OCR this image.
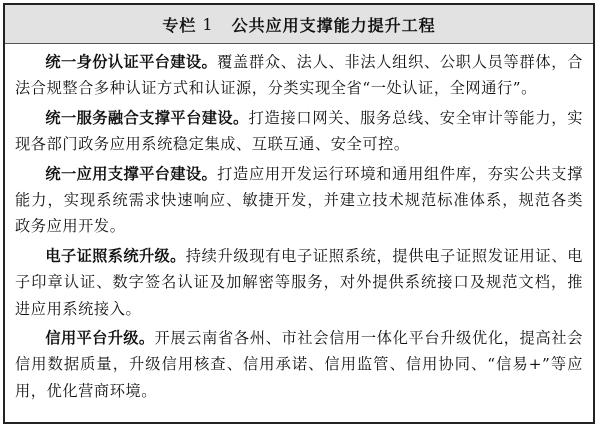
专栏 1 公共应用支撑能力提升工程

统一身份认证平台建设。覆盖群众、法人、非法人组织、公职人员等群体，合法合规整合多种认证方式和认证源，分类实现全省“一处认证，全网通行”。

统一服务融合支撑平台建设。打造接口网关、服务总线、安全审计等能力，实现各部门政务应用系统稳定集成、互联互通、安全可控。

统一应用支撑平台建设。打造应用开发运行环境和通用组件库，夯实公共支撑能力，实现系统需求快速响应、敏捷开发，并建立技术规范标准体系，规范各类政务应用开发。

电子证照系统升级。持续升级现有电子证照系统，提供电子证照发证用证、电子印章认证、数字签名认证及加解密等服务，对外提供系统接口及规范文档，推进应用系统接入。

信用平台升级。开展云南省各州、市社会信用一体化平台升级优化，提高社会信用数据质量，升级信用核查、信用承诺、信用监管、信用协同、“信易+”等应用，优化营商环境。
